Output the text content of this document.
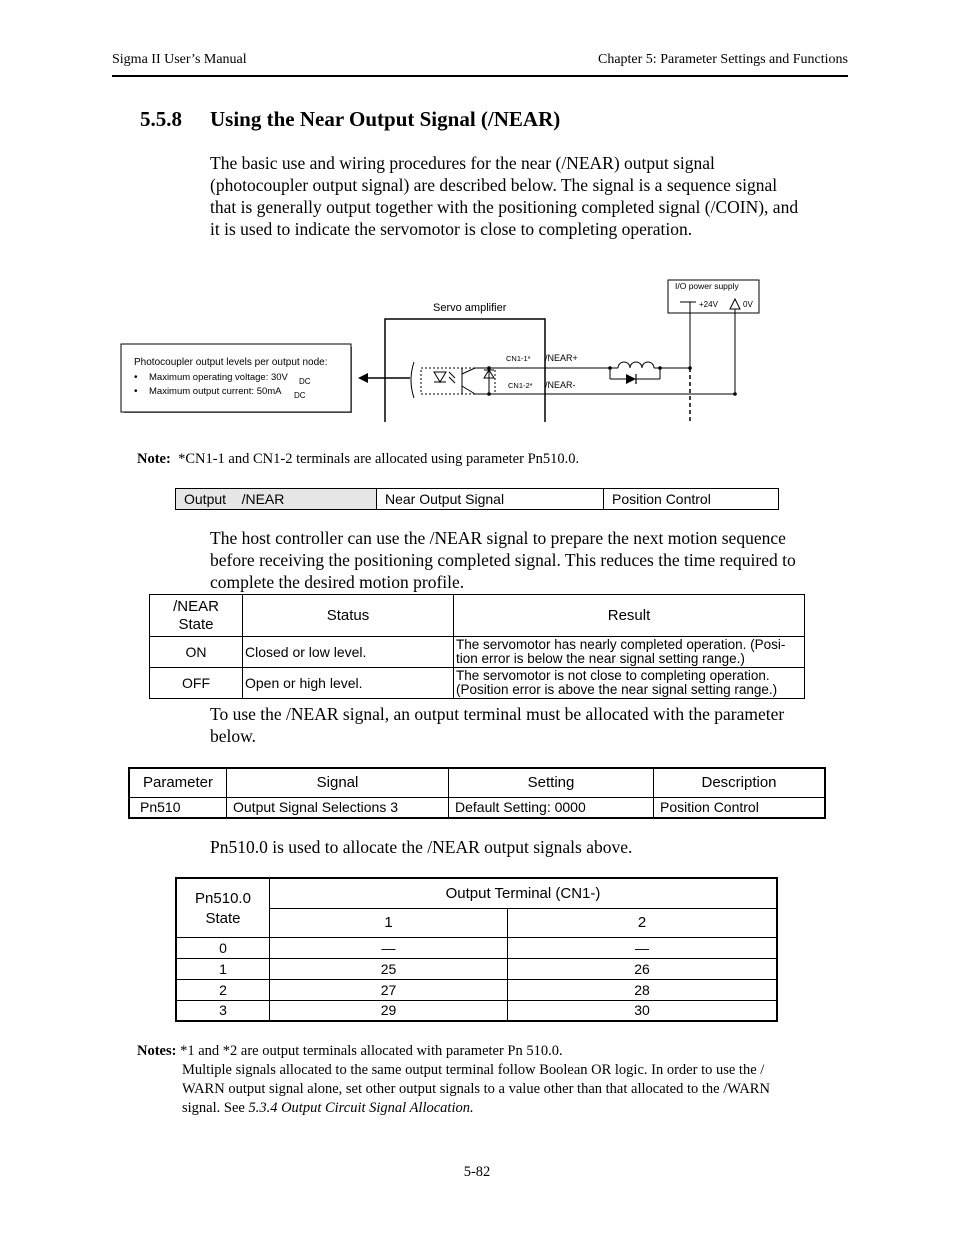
Sigma II User’s Manual	Chapter 5: Parameter Settings and Functions
5.5.8 Using the Near Output Signal (/NEAR)
The basic use and wiring procedures for the near (/NEAR) output signal
(photocoupler output signal) are described below. The signal is a sequence signal
that is generally output together with the positioning completed signal (/COIN), and
it is used to indicate the servomotor is close to completing operation.
I/O power supply
+24V	0V
Servo amplifier
CN1-1* /NEAR+
CN1-2* /NEAR-
Photocoupler output levels per output node:
• Maximum operating voltage: 30V DC
• Maximum output current: 50mA DC
Note: *CN1-1 and CN1-2 terminals are allocated using parameter Pn510.0.
Output    /NEAR	Near Output Signal	Position Control
The host controller can use the /NEAR signal to prepare the next motion sequence
before receiving the positioning completed signal. This reduces the time required to
complete the desired motion profile.
/NEAR
State	Status	Result
ON	Closed or low level.	The servomotor has nearly completed operation. (Posi-
tion error is below the near signal setting range.)

OFF	Open or high level.	The servomotor is not close to completing operation.
(Position error is above the near signal setting range.)
To use the /NEAR signal, an output terminal must be allocated with the parameter
below.
Parameter	Signal	Setting	Description
Pn510	Output Signal Selections 3	Default Setting: 0000	Position Control
Pn510.0 is used to allocate the /NEAR output signals above.
Pn510.0
State	Output Terminal (CN1-)	
	1	2
0	—	—
1	25	26
2	27	28
3	29	30
Notes: *1 and *2 are output terminals allocated with parameter Pn 510.0.
Multiple signals allocated to the same output terminal follow Boolean OR logic. In order to use the /
WARN output signal alone, set other output signals to a value other than that allocated to the /WARN
signal. See 5.3.4 Output Circuit Signal Allocation.
5-82
